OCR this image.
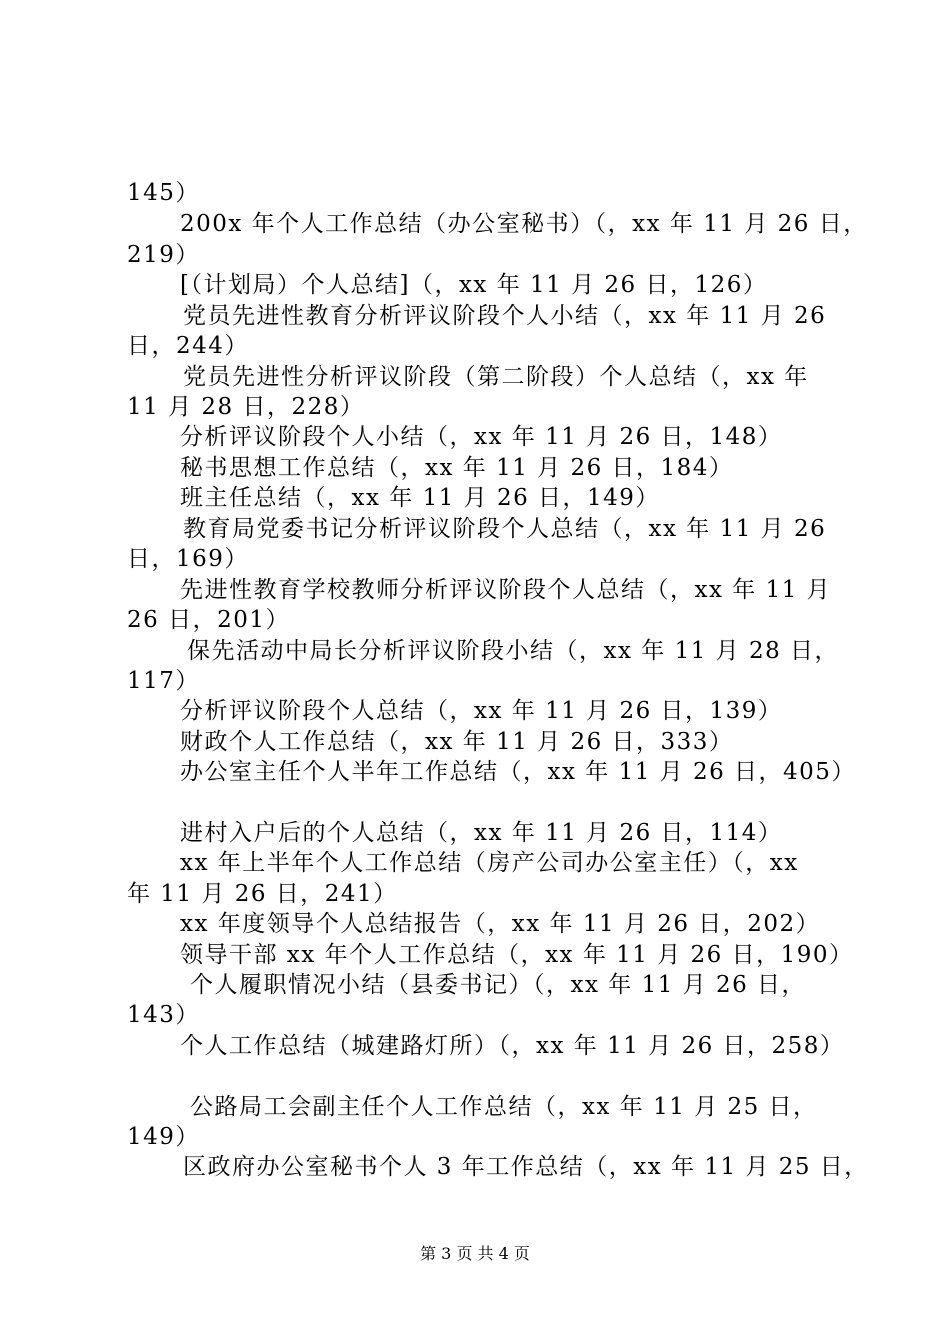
145）
200x 年个人工作总结（办公室秘书）（，xx 年 11 月 26 日，
219）
[（计划局）个人总结]（，xx 年 11 月 26 日，126）
党员先进性教育分析评议阶段个人小结（，xx 年 11 月 26
日，244）
党员先进性分析评议阶段（第二阶段）个人总结（，xx 年
11 月 28 日，228）
分析评议阶段个人小结（，xx 年 11 月 26 日，148）
秘书思想工作总结（，xx 年 11 月 26 日，184）
班主任总结（，xx 年 11 月 26 日，149）
教育局党委书记分析评议阶段个人总结（，xx 年 11 月 26
日，169）
先进性教育学校教师分析评议阶段个人总结（，xx 年 11 月
26 日，201）
保先活动中局长分析评议阶段小结（，xx 年 11 月 28 日，
117）
分析评议阶段个人总结（，xx 年 11 月 26 日，139）
财政个人工作总结（，xx 年 11 月 26 日，333）
办公室主任个人半年工作总结（，xx 年 11 月 26 日，405）
进村入户后的个人总结（，xx 年 11 月 26 日，114）
xx 年上半年个人工作总结（房产公司办公室主任）（，xx
年 11 月 26 日，241）
xx 年度领导个人总结报告（，xx 年 11 月 26 日，202）
领导干部 xx 年个人工作总结（，xx 年 11 月 26 日，190）
个人履职情况小结（县委书记）（，xx 年 11 月 26 日，
143）
个人工作总结（城建路灯所）（，xx 年 11 月 26 日，258）
公路局工会副主任个人工作总结（，xx 年 11 月 25 日，
149）
区政府办公室秘书个人 3 年工作总结（，xx 年 11 月 25 日，
第 3 页 共 4 页
